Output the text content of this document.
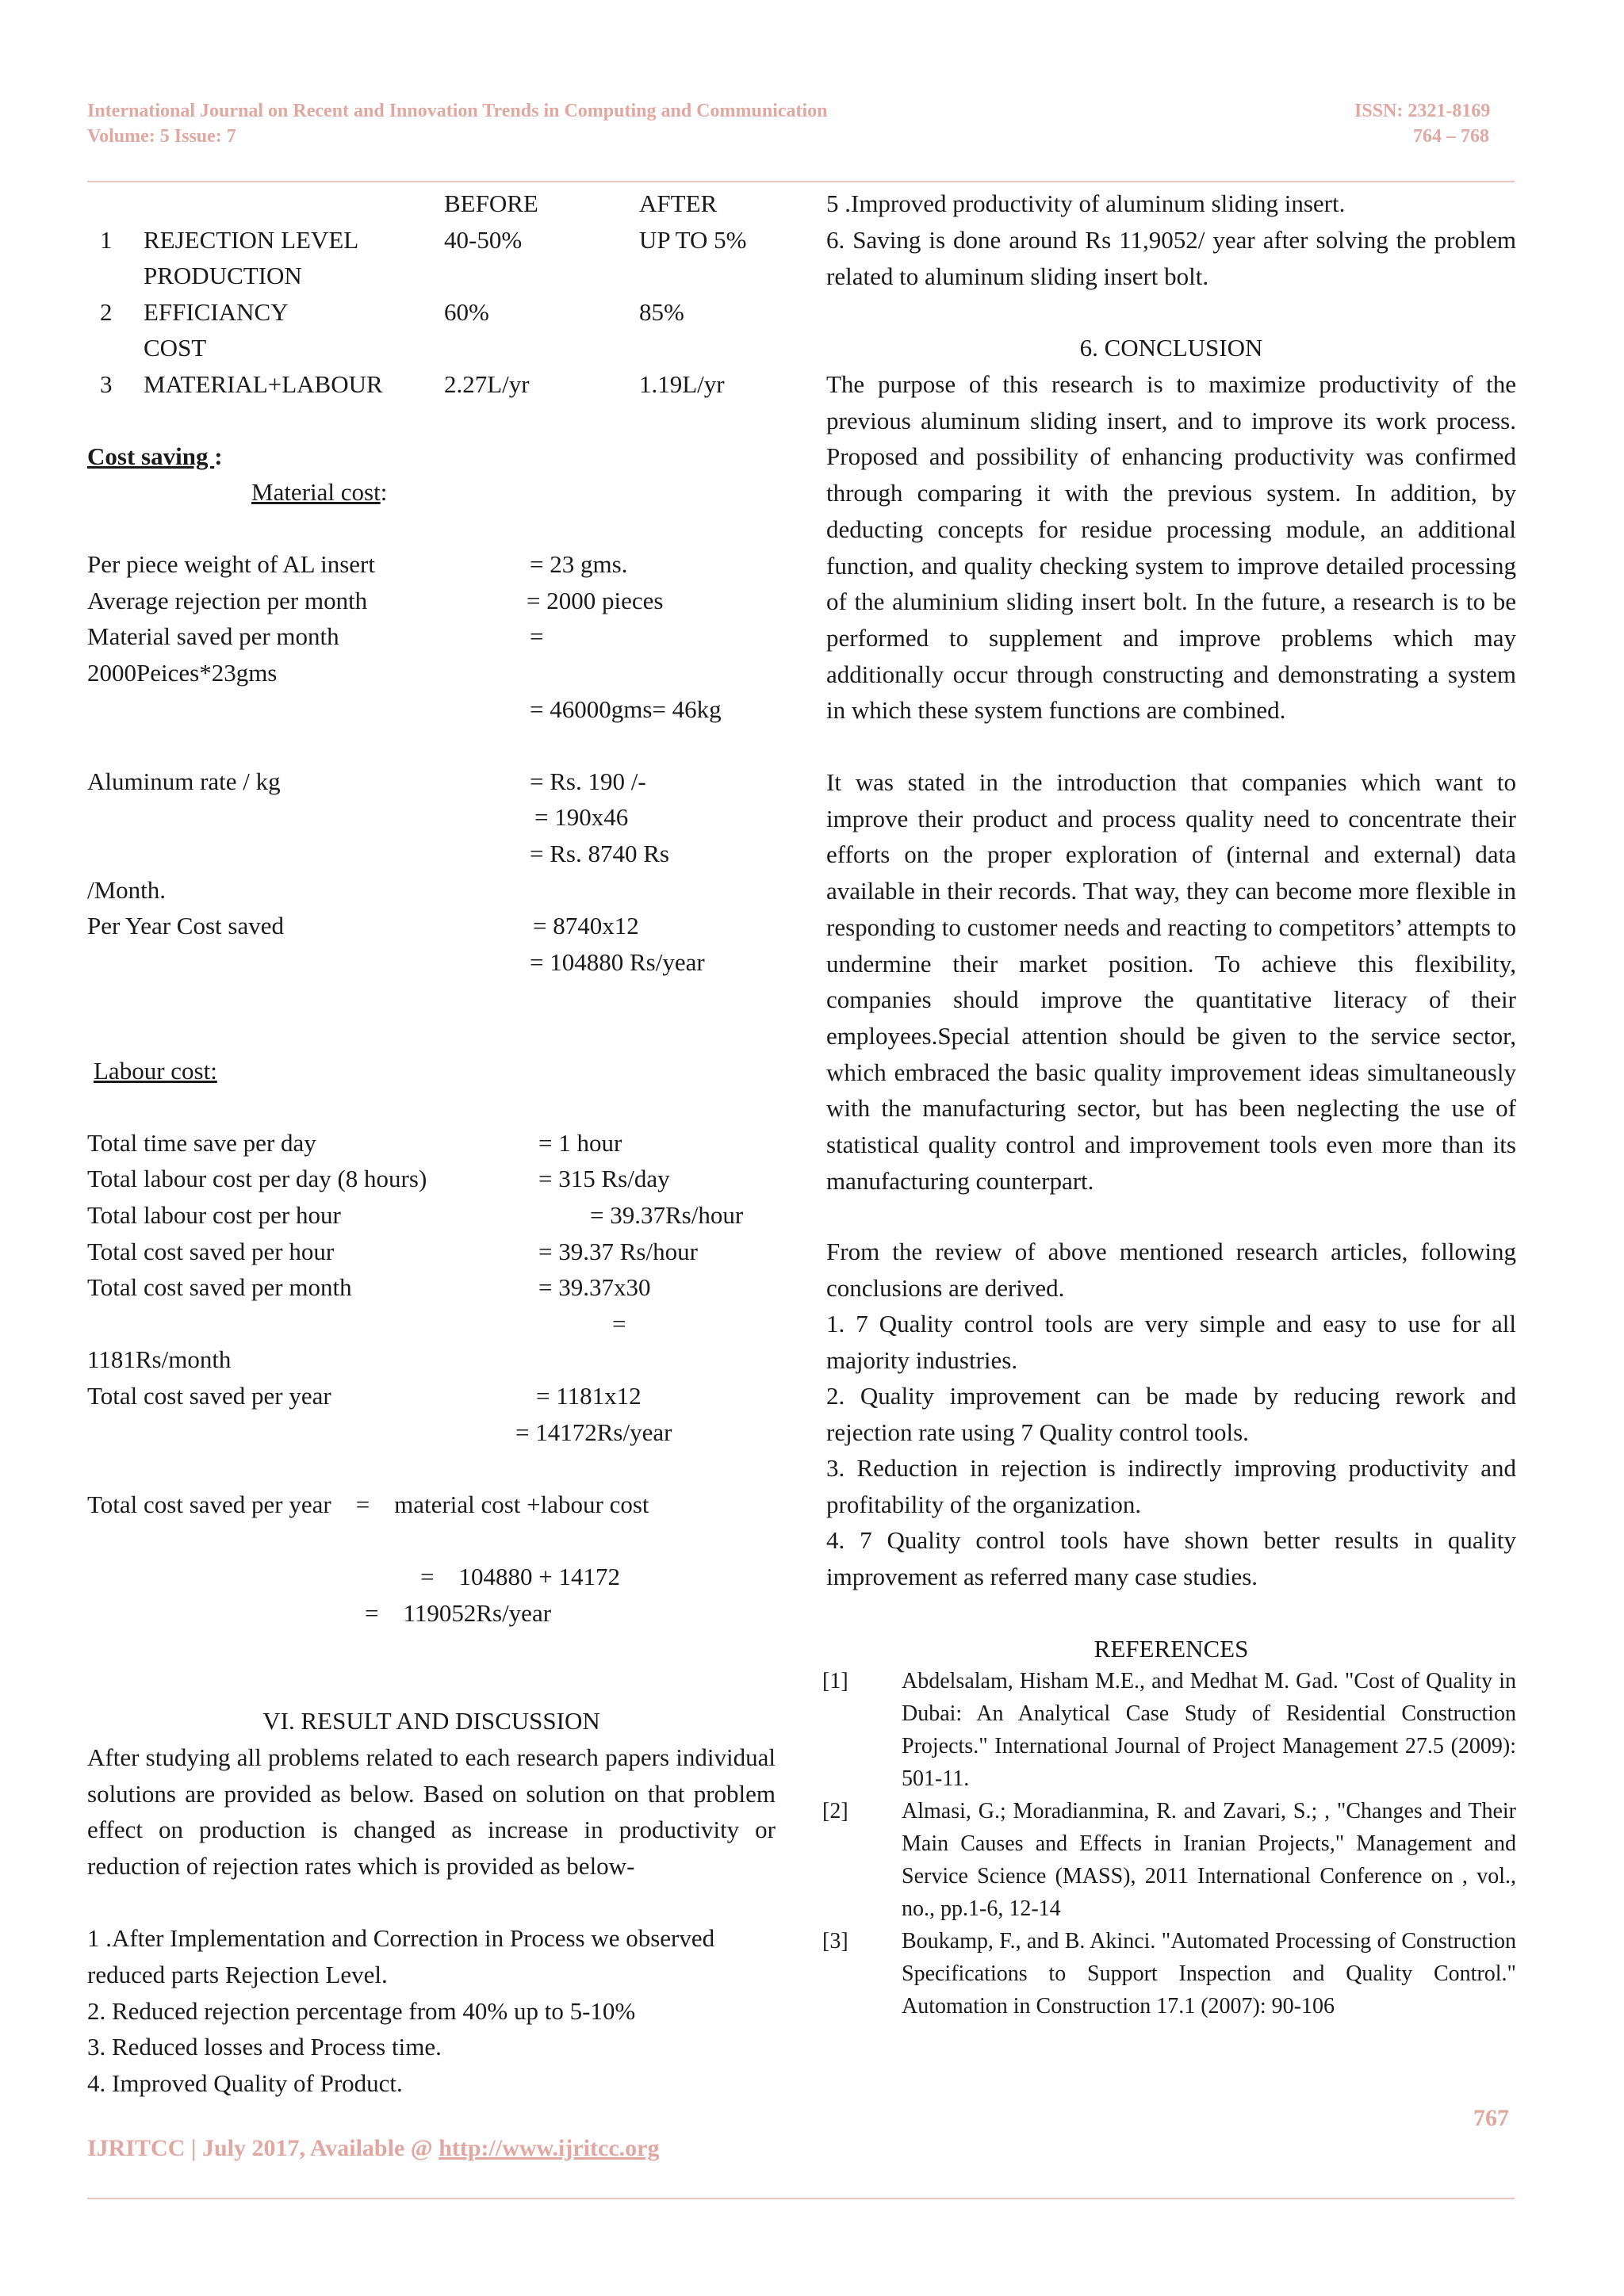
International Journal on Recent and Innovation Trends in Computing and Communication
Volume: 5 Issue: 7
ISSN: 2321-8169
764 – 768
BEFORE	AFTER
1 REJECTION LEVEL	40-50%	UP TO 5%
PRODUCTION
2 EFFICIANCY	60%	85%
COST
3 MATERIAL+LABOUR 2.27L/yr	1.19L/yr
Cost saving :
Material cost:
Per piece weight of AL insert	= 23 gms.
Average rejection per month	= 2000 pieces
Material saved per month	=
2000Peices*23gms
= 46000gms= 46kg
Aluminum rate / kg	= Rs. 190 /-
= 190x46
= Rs. 8740 Rs
/Month.
Per Year Cost saved	= 8740x12
= 104880 Rs/year
Labour cost:
Total time save per day	= 1 hour
Total labour cost per day (8 hours)	= 315 Rs/day
Total labour cost per hour	= 39.37Rs/hour
Total cost saved per hour	= 39.37 Rs/hour
Total cost saved per month	= 39.37x30
=
1181Rs/month
Total cost saved per year	= 1181x12
= 14172Rs/year
Total cost saved per year    =    material cost +labour cost
=    104880 + 14172
=    119052Rs/year
VI. RESULT AND DISCUSSION
After studying all problems related to each research papers individual solutions are provided as below. Based on solution on that problem effect on production is changed as increase in productivity or reduction of rejection rates which is provided as below-
1 .After Implementation and Correction in Process we observed reduced parts Rejection Level.
2. Reduced rejection percentage from 40% up to 5-10%
3. Reduced losses and Process time.
4. Improved Quality of Product.
5 .Improved productivity of aluminum sliding insert.
6. Saving is done around Rs 11,9052/ year after solving the problem related to aluminum sliding insert bolt.
6. CONCLUSION
The purpose of this research is to maximize productivity of the previous aluminum sliding insert, and to improve its work process. Proposed and possibility of enhancing productivity was confirmed through comparing it with the previous system. In addition, by deducting concepts for residue processing module, an additional function, and quality checking system to improve detailed processing of the aluminium sliding insert bolt. In the future, a research is to be performed to supplement and improve problems which may additionally occur through constructing and demonstrating a system in which these system functions are combined.
It was stated in the introduction that companies which want to improve their product and process quality need to concentrate their efforts on the proper exploration of (internal and external) data available in their records. That way, they can become more flexible in responding to customer needs and reacting to competitors’ attempts to undermine their market position. To achieve this flexibility, companies should improve the quantitative literacy of their employees.Special attention should be given to the service sector, which embraced the basic quality improvement ideas simultaneously with the manufacturing sector, but has been neglecting the use of statistical quality control and improvement tools even more than its manufacturing counterpart.
From the review of above mentioned research articles, following conclusions are derived.
1. 7 Quality control tools are very simple and easy to use for all majority industries.
2. Quality improvement can be made by reducing rework and rejection rate using 7 Quality control tools.
3. Reduction in rejection is indirectly improving productivity and profitability of the organization.
4. 7 Quality control tools have shown better results in quality improvement as referred many case studies.
REFERENCES
[1] Abdelsalam, Hisham M.E., and Medhat M. Gad. "Cost of Quality in Dubai: An Analytical Case Study of Residential Construction Projects." International Journal of Project Management 27.5 (2009): 501-11.
[2] Almasi, G.; Moradianmina, R. and Zavari, S.; , "Changes and Their Main Causes and Effects in Iranian Projects," Management and Service Science (MASS), 2011 International Conference on , vol., no., pp.1-6, 12-14
[3] Boukamp, F., and B. Akinci. "Automated Processing of Construction Specifications to Support Inspection and Quality Control." Automation in Construction 17.1 (2007): 90-106
767
IJRITCC | July 2017, Available @ http://www.ijritcc.org
